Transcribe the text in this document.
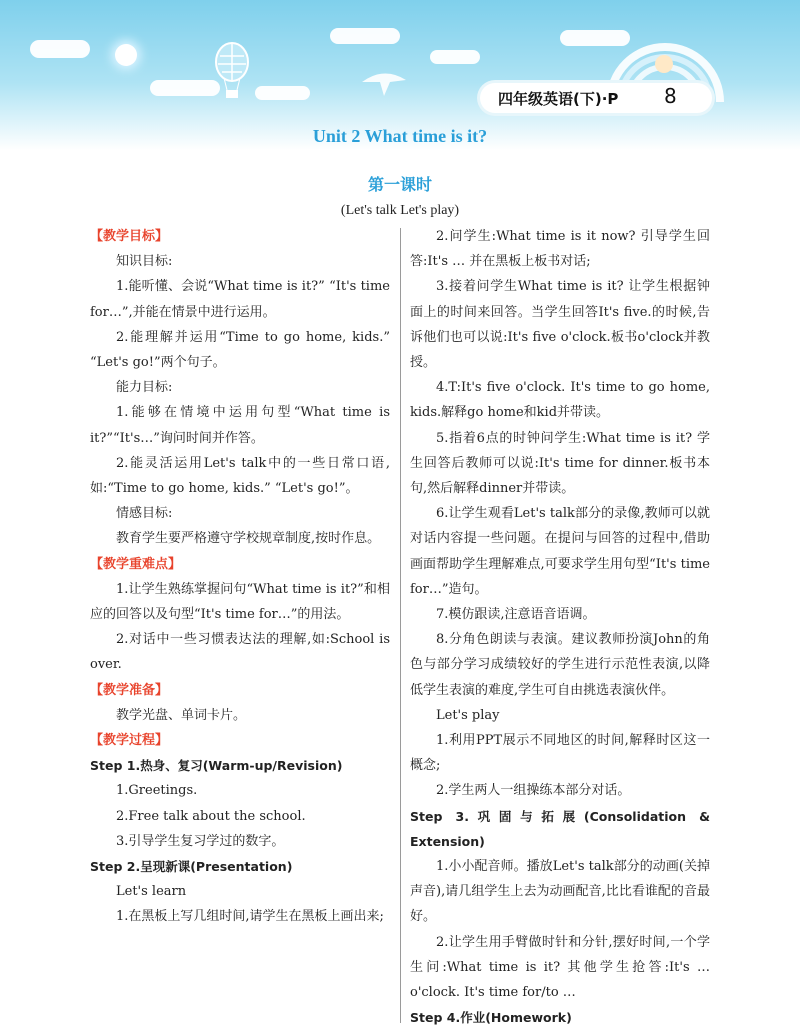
四年级英语(下)·P 8
Unit 2 What time is it?
第一课时
(Let's talk Let's play)

【教学目标】

知识目标:

1.能听懂、会说“What time is it?” “It's time for…”,并能在情景中进行运用。

2.能理解并运用“Time to go home, kids.” “Let's go!”两个句子。

能力目标:

1.能够在情境中运用句型“What time is it?”“It's…”询问时间并作答。

2.能灵活运用Let's talk中的一些日常口语,如:“Time to go home, kids.” “Let's go!”。

情感目标:

教育学生要严格遵守学校规章制度,按时作息。

【教学重难点】

1.让学生熟练掌握问句“What time is it?”和相应的回答以及句型“It's time for…”的用法。

2.对话中一些习惯表达法的理解,如:School is over.

【教学准备】

教学光盘、单词卡片。

【教学过程】

Step 1.热身、复习(Warm-up/Revision)

1.Greetings.

2.Free talk about the school.

3.引导学生复习学过的数字。

Step 2.呈现新课(Presentation)

Let's learn

1.在黑板上写几组时间,请学生在黑板上画出来;

2.问学生:What time is it now? 引导学生回答:It's … 并在黑板上板书对话;

3.接着问学生What time is it? 让学生根据钟面上的时间来回答。当学生回答It's five.的时候,告诉他们也可以说:It's five o'clock.板书o'clock并教授。

4.T:It's five o'clock. It's time to go home, kids.解释go home和kid并带读。

5.指着6点的时钟问学生:What time is it? 学生回答后教师可以说:It's time for dinner.板书本句,然后解释dinner并带读。

6.让学生观看Let's talk部分的录像,教师可以就对话内容提一些问题。在提问与回答的过程中,借助画面帮助学生理解难点,可要求学生用句型“It's time for…”造句。

7.模仿跟读,注意语音语调。

8.分角色朗读与表演。建议教师扮演John的角色与部分学习成绩较好的学生进行示范性表演,以降低学生表演的难度,学生可自由挑选表演伙伴。

Let's play

1.利用PPT展示不同地区的时间,解释时区这一概念;

2.学生两人一组操练本部分对话。

Step 3.巩固与拓展(Consolidation & Extension)

1.小小配音师。播放Let's talk部分的动画(关掉声音),请几组学生上去为动画配音,比比看谁配的音最好。

2.让学生用手臂做时针和分针,摆好时间,一个学生问:What time is it? 其他学生抢答:It's …o'clock. It's time for/to …

Step 4.作业(Homework)
